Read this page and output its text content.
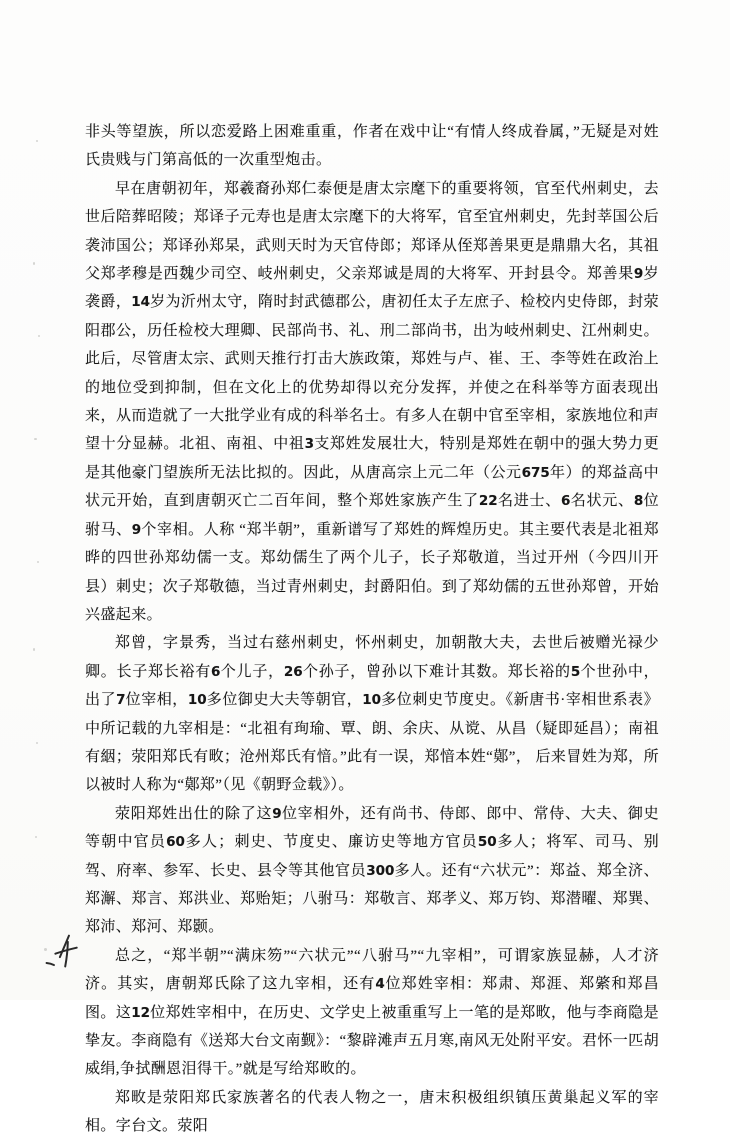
非头等望族，所以恋爱路上困难重重，作者在戏中让“有情人终成眷属，”无疑是对姓氏贵贱与门第高低的一次重型炮击。

早在唐朝初年，郑羲裔孙郑仁泰便是唐太宗麾下的重要将领，官至代州刺史，去世后陪葬昭陵；郑译子元寿也是唐太宗麾下的大将军，官至宜州刺史，先封莘国公后袭沛国公；郑译孙郑杲，武则天时为天官侍郎；郑译从侄郑善果更是鼎鼎大名，其祖父郑孝穆是西魏少司空、岐州刺史，父亲郑诚是周的大将军、开封县令。郑善果9岁袭爵，14岁为沂州太守，隋时封武德郡公，唐初任太子左庶子、检校内史侍郎，封荥阳郡公，历任检校大理卿、民部尚书、礼、刑二部尚书，出为岐州刺史、江州刺史。此后，尽管唐太宗、武则天推行打击大族政策，郑姓与卢、崔、王、李等姓在政治上的地位受到抑制，但在文化上的优势却得以充分发挥，并使之在科举等方面表现出来，从而造就了一大批学业有成的科举名士。有多人在朝中官至宰相，家族地位和声望十分显赫。北祖、南祖、中祖3支郑姓发展壮大，特别是郑姓在朝中的强大势力更是其他豪门望族所无法比拟的。因此，从唐高宗上元二年（公元675年）的郑益高中状元开始，直到唐朝灭亡二百年间，整个郑姓家族产生了22名进士、6名状元、8位驸马、9个宰相。人称 “郑半朝”，重新谱写了郑姓的辉煌历史。其主要代表是北祖郑晔的四世孙郑幼儒一支。郑幼儒生了两个儿子，长子郑敬道，当过开州（今四川开县）刺史；次子郑敬德，当过青州刺史，封爵阳伯。到了郑幼儒的五世孙郑曾，开始兴盛起来。

郑曾，字景秀，当过右慈州刺史，怀州刺史，加朝散大夫，去世后被赠光禄少卿。长子郑长裕有6个儿子，26个孙子，曾孙以下难计其数。郑长裕的5个世孙中，出了7位宰相，10多位御史大夫等朝官，10多位刺史节度史。《新唐书·宰相世系表》中所记载的九宰相是：“北祖有珣瑜、覃、朗、余庆、从谠、从昌（疑即延昌）；南祖有絪；荥阳郑氏有畋；沧州郑氏有愔。”此有一误，郑愔本姓“鄚”， 后来冒姓为郑，所以被时人称为“鄚郑”（见《朝野佥载》）。

荥阳郑姓出仕的除了这9位宰相外，还有尚书、侍郎、郎中、常侍、大夫、御史等朝中官员60多人；刺史、节度史、廉访史等地方官员50多人；将军、司马、别驾、府率、参军、长史、县令等其他官员300多人。还有“六状元”：郑益、郑全济、郑澥、郑言、郑洪业、郑贻矩；八驸马：郑敬言、郑孝义、郑万钧、郑潜曜、郑巽、郑沛、郑河、郑颢。

总之，“郑半朝”“满床笏”“六状元”“八驸马”“九宰相”，可谓家族显赫，人才济济。其实，唐朝郑氏除了这九宰相，还有4位郑姓宰相：郑肃、郑涯、郑綮和郑昌图。这12位郑姓宰相中，在历史、文学史上被重重写上一笔的是郑畋，他与李商隐是挚友。李商隐有《送郑大台文南觐》：“黎辟滩声五月寒,南风无处附平安。君怀一匹胡威绢,争拭酬恩泪得干。”就是写给郑畋的。

郑畋是荥阳郑氏家族著名的代表人物之一，唐末积极组织镇压黄巢起义军的宰相。字台文。荥阳
